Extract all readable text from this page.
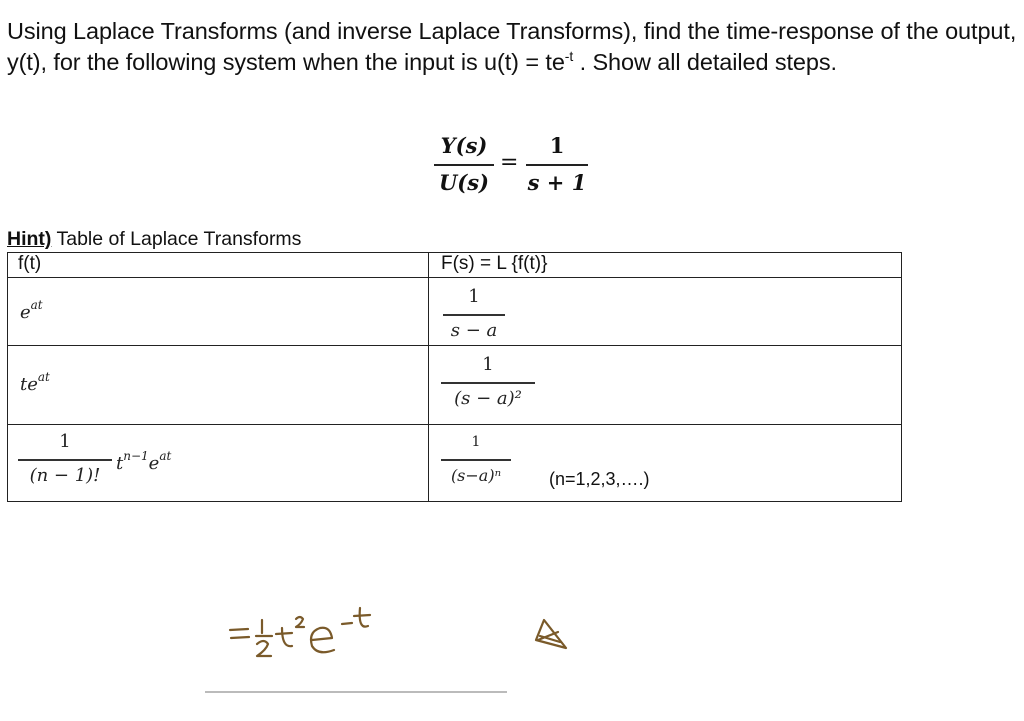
Using Laplace Transforms (and inverse Laplace Transforms), find the time-response of the output, y(t), for the following system when the input is $u(t) = te^{-t}$ . Show all detailed steps.
Y(s)
U(s)
=
1
s + 1
Hint) Table of Laplace Transforms
f(t)	F(s) = L {f(t)}

$e^{at}$	1
s − a

$te^{at}$	1
(s − a)²

1
(n − 1)!
$t^{n-1}e^{at}$	1
(s−a)ⁿ (n=1,2,3,….)
